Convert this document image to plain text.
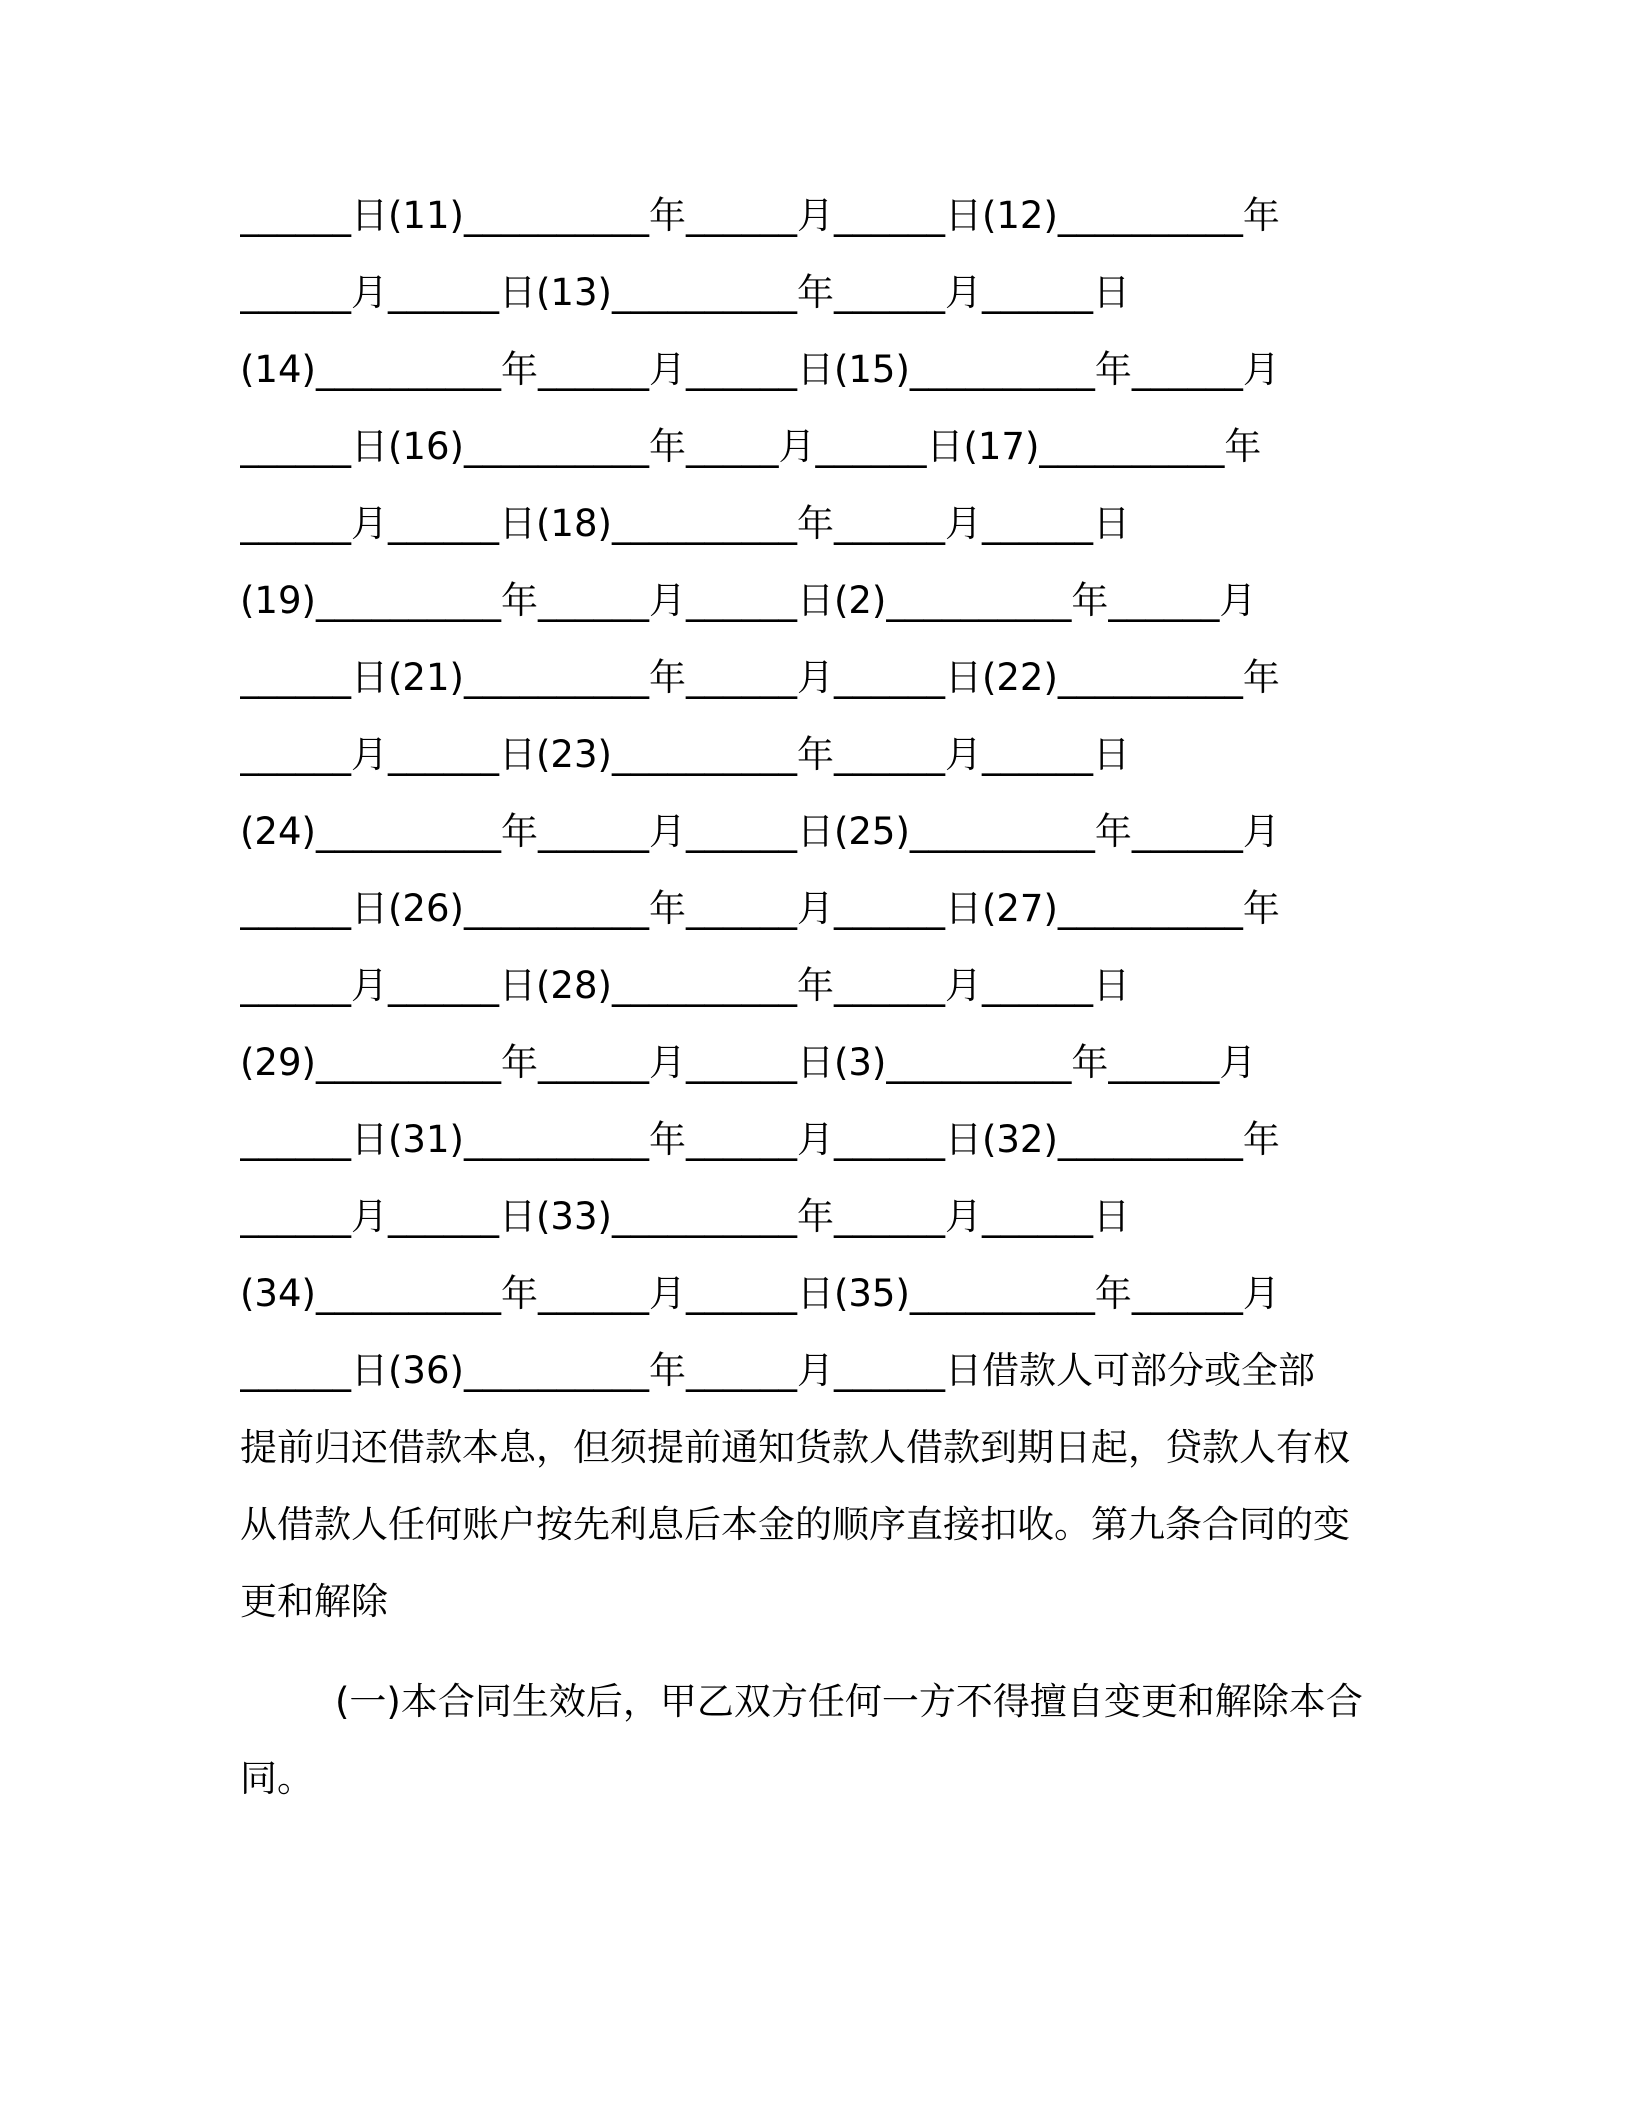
______日(11)__________年______月______日(12)__________年
______月______日(13)__________年______月______日
(14)__________年______月______日(15)__________年______月
______日(16)__________年_____月______日(17)__________年
______月______日(18)__________年______月______日
(19)__________年______月______日(2)__________年______月
______日(21)__________年______月______日(22)__________年
______月______日(23)__________年______月______日
(24)__________年______月______日(25)__________年______月
______日(26)__________年______月______日(27)__________年
______月______日(28)__________年______月______日
(29)__________年______月______日(3)__________年______月
______日(31)__________年______月______日(32)__________年
______月______日(33)__________年______月______日
(34)__________年______月______日(35)__________年______月
______日(36)__________年______月______日借款人可部分或全部
提前归还借款本息，但须提前通知货款人借款到期日起，贷款人有权
从借款人任何账户按先利息后本金的顺序直接扣收。第九条合同的变
更和解除
(一)本合同生效后，甲乙双方任何一方不得擅自变更和解除本合
同。
